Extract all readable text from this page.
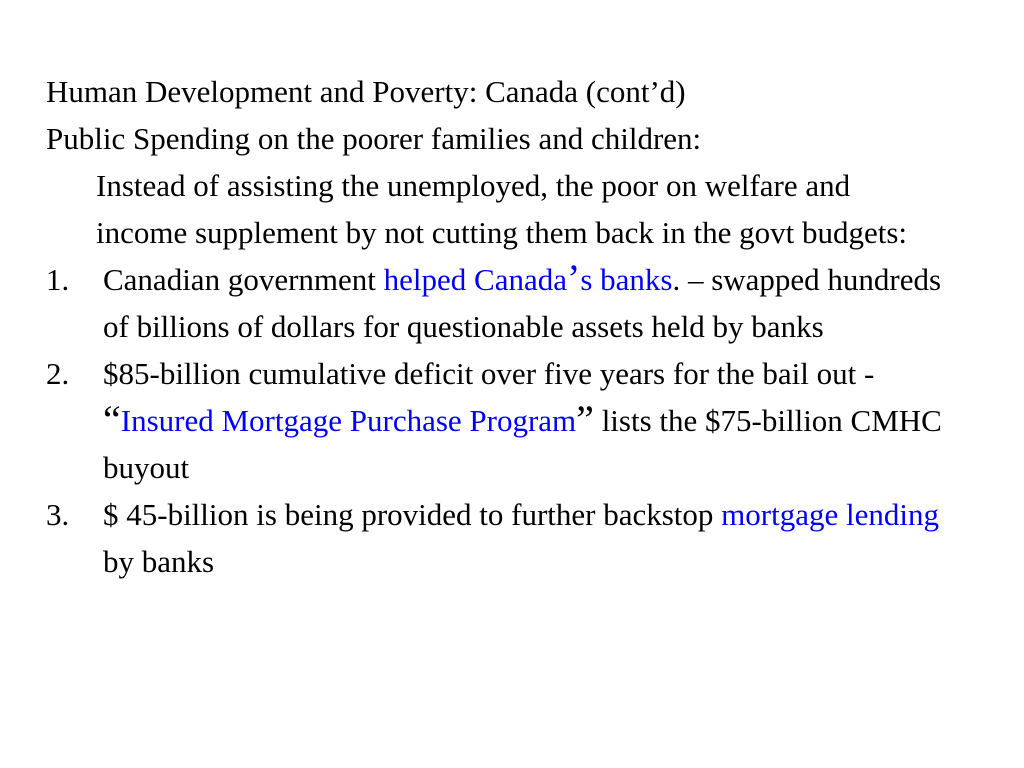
Human Development and Poverty: Canada (cont’d)

Public Spending on the poorer families and children:

Instead of assisting the unemployed, the poor on welfare and income supplement by not cutting them back in the govt budgets:

1.	Canadian government helped Canada’s banks. – swapped hundreds of billions of dollars for questionable assets held by banks
2.	$85-billion cumulative deficit over five years for the bail out - “Insured Mortgage Purchase Program” lists the $75-billion CMHC buyout
3.	$ 45-billion is being provided to further backstop mortgage lending by banks
